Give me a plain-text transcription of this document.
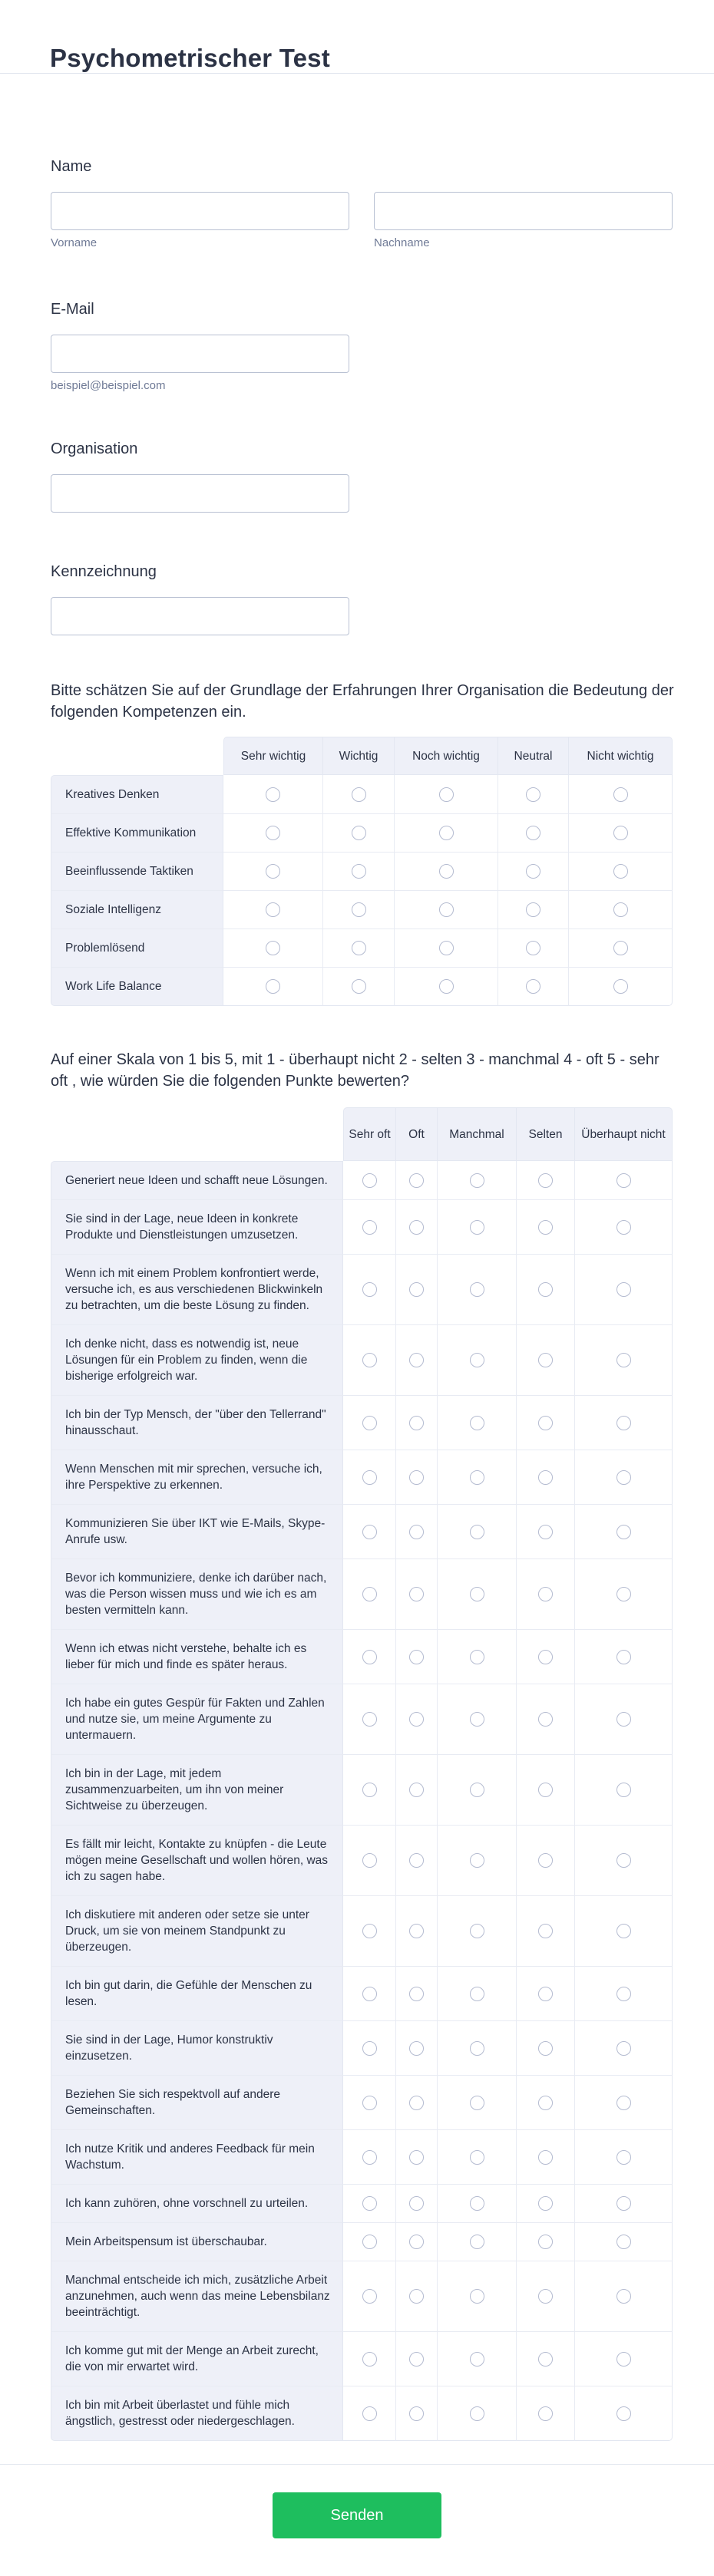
Psychometrischer Test
Name
Vorname	Nachname
E-Mail
beispiel@beispiel.com
Organisation
Kennzeichnung
Bitte schätzen Sie auf der Grundlage der Erfahrungen Ihrer Organisation die Bedeutung der folgenden Kompetenzen ein.
	Sehr wichtig	Wichtig	Noch wichtig	Neutral	Nicht wichtig
Kreatives Denken					
Effektive Kommunikation					
Beeinflussende Taktiken					
Soziale Intelligenz					
Problemlösend					
Work Life Balance					
Auf einer Skala von 1 bis 5, mit 1 - überhaupt nicht 2 - selten 3 - manchmal 4 - oft 5 - sehr oft , wie würden Sie die folgenden Punkte bewerten?
	Sehr oft	Oft	Manchmal	Selten	Überhaupt nicht
Generiert neue Ideen und schafft neue Lösungen.					
Sie sind in der Lage, neue Ideen in konkrete Produkte und Dienstleistungen umzusetzen.					
Wenn ich mit einem Problem konfrontiert werde, versuche ich, es aus verschiedenen Blickwinkeln zu betrachten, um die beste Lösung zu finden.					
Ich denke nicht, dass es notwendig ist, neue Lösungen für ein Problem zu finden, wenn die bisherige erfolgreich war.					
Ich bin der Typ Mensch, der "über den Tellerrand" hinausschaut.					
Wenn Menschen mit mir sprechen, versuche ich, ihre Perspektive zu erkennen.					
Kommunizieren Sie über IKT wie E-Mails, Skype-Anrufe usw.					
Bevor ich kommuniziere, denke ich darüber nach, was die Person wissen muss und wie ich es am besten vermitteln kann.					
Wenn ich etwas nicht verstehe, behalte ich es lieber für mich und finde es später heraus.					
Ich habe ein gutes Gespür für Fakten und Zahlen und nutze sie, um meine Argumente zu untermauern.					
Ich bin in der Lage, mit jedem zusammenzuarbeiten, um ihn von meiner Sichtweise zu überzeugen.					
Es fällt mir leicht, Kontakte zu knüpfen - die Leute mögen meine Gesellschaft und wollen hören, was ich zu sagen habe.					
Ich diskutiere mit anderen oder setze sie unter Druck, um sie von meinem Standpunkt zu überzeugen.					
Ich bin gut darin, die Gefühle der Menschen zu lesen.					
Sie sind in der Lage, Humor konstruktiv einzusetzen.					
Beziehen Sie sich respektvoll auf andere Gemeinschaften.					
Ich nutze Kritik und anderes Feedback für mein Wachstum.					
Ich kann zuhören, ohne vorschnell zu urteilen.					
Mein Arbeitspensum ist überschaubar.					
Manchmal entscheide ich mich, zusätzliche Arbeit anzunehmen, auch wenn das meine Lebensbilanz beeinträchtigt.					
Ich komme gut mit der Menge an Arbeit zurecht, die von mir erwartet wird.					
Ich bin mit Arbeit überlastet und fühle mich ängstlich, gestresst oder niedergeschlagen.					
Senden
